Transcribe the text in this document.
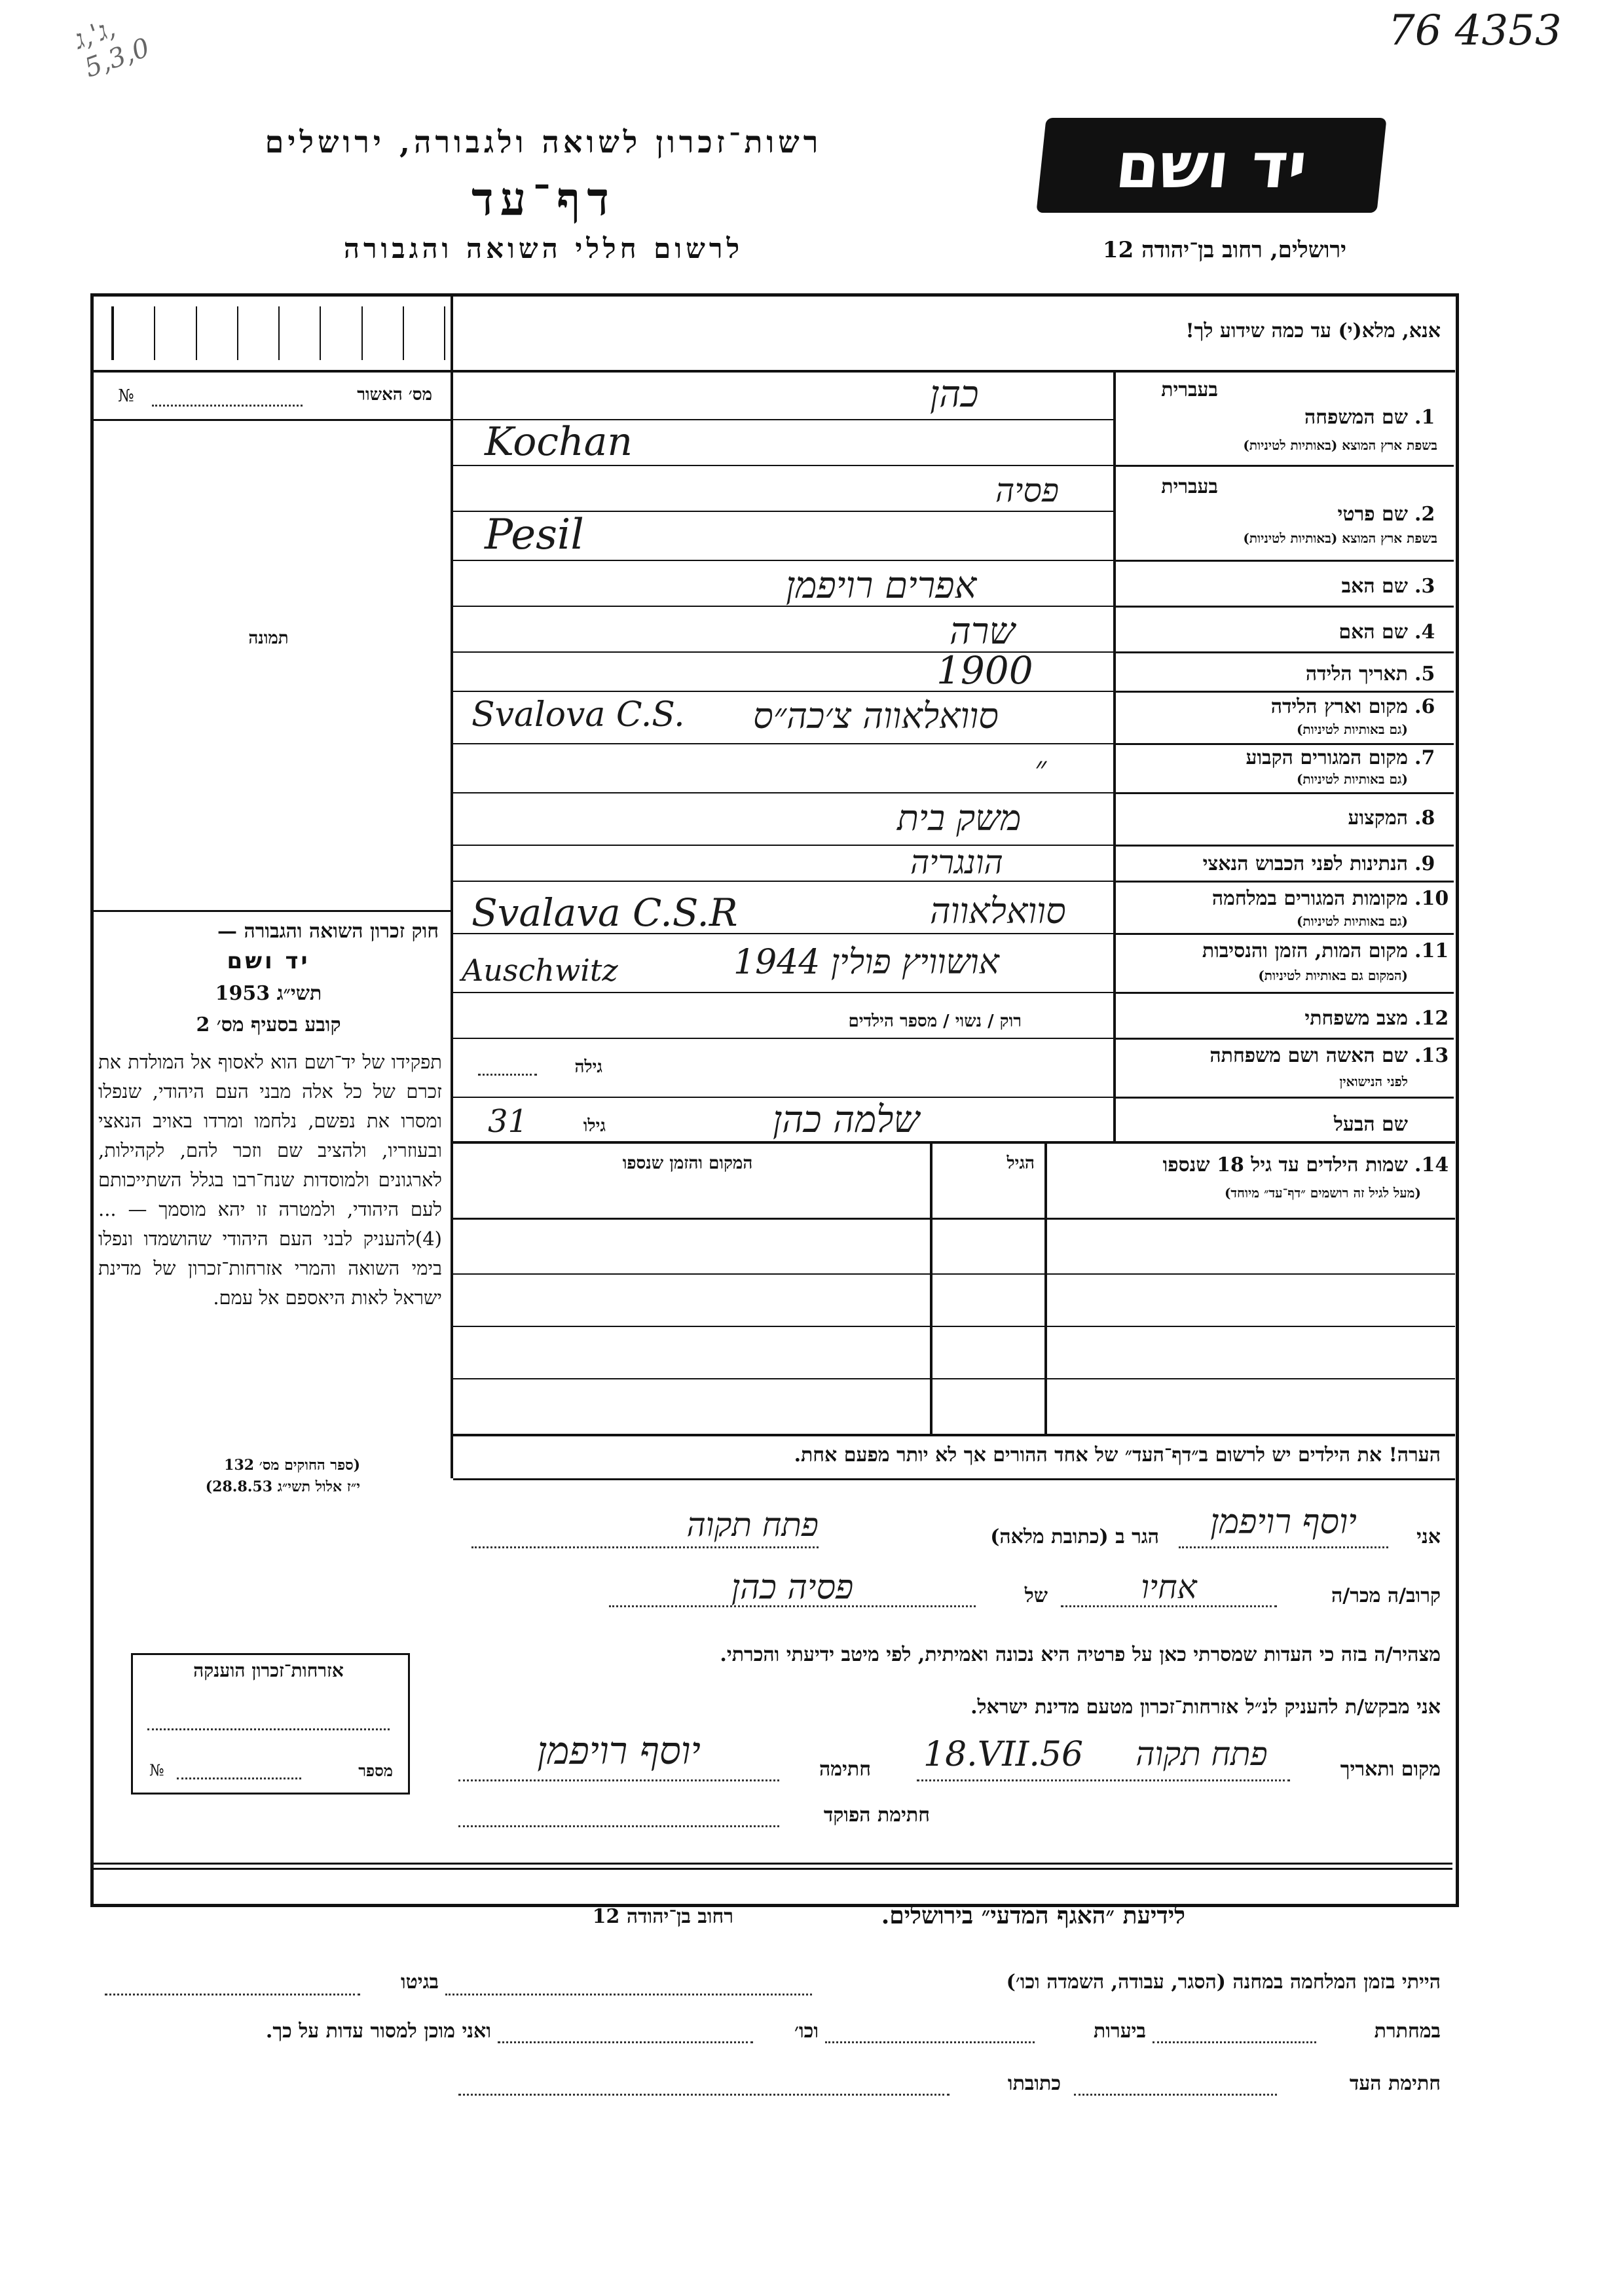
76 4353
ג',ג,
5,3,0
יד ושם
רשות־זכרון לשואה ולגבורה, ירושלים
דף־עד
לרשום חללי השואה והגבורה	ירושלים, רחוב בן־יהודה 12
אנא, מלא(י) עד כמה שידוע לך!
№	מס׳ האשור
תמונה
חוק זכרון השואה והגבורה —
יד ושם
תשי״ג 1953
קובע בסעיף מס׳ 2
תפקידו של יד־ושם הוא לאסוף אל המולדת את זכרם של כל אלה מבני העם היהודי, שנפלו ומסרו את נפשם, נלחמו ומרדו באויב הנאצי ובעוזריו, ולהציב שם וזכר להם, לקהילות, לארגונים ולמוסדות שנח־רבו בגלל השתייכותם לעם היהודי, ולמטרה זו יהא מוסמך — ...(4)להעניק לבני העם היהודי שהושמדו ונפלו בימי השואה והמרי אזרחות־זכרון של מדינת ישראל לאות היאספם אל עמם.
(ספר החוקים מס׳ 132
י״ז אלול תשי״ג 28.8.53)
אזרחות־זכרון הוענקה
מספר
№
בעברית
1.
שם המשפחה
בשפת ארץ המוצא (באותיות לטיניות)
כהן
Kochan
בעברית
2.
שם פרטי
בשפת ארץ המוצא (באותיות לטיניות)
פסיה
Pesil
3.
שם האב
אפרים רויפמן
4.
שם האם
שרה
5.
תאריך הלידה
1900
6.
מקום וארץ הלידה
(גם באותיות לטיניות)
סוואלאווה צ׳כה״ס
Svalova C.S.
7.
מקום המגורים הקבוע
(גם באותיות לטיניות)
״
8.
המקצוע
משק בית
9.
הנתינות לפני הכבוש הנאצי
הונגריה
10.
מקומות המגורים במלחמה
(גם באותיות לטיניות)
סוואלאווה
Svalava C.S.R
11.
מקום המות, הזמן והנסיבות
(המקום גם באותיות לטיניות)
אושוויץ פולין 1944
Auschwitz
12.
מצב משפחתי
רוק / נשוי / מספר הילדים
13.
שם האשה ושם משפחתה
לפני הנישואין
גילה
שם הבעל
שלמה כהן
גילו
31
14.
שמות הילדים עד גיל 18 שנספו
(מעל לגיל זה רושמים ״דף־עד״ מיוחד)
הגיל
המקום והזמן שנספו
הערה! את הילדים יש לרשום ב״דף־העד״ של אחד ההורים אך לא יותר מפעם אחת.
אני
יוסף רויפמן
הגר ב (כתובת מלאה)
פתח תקוה
קרוב/ה מכר/ה
אחיו
של
פסיה כהן
מצהיר/ה בזה כי העדות שמסרתי כאן על פרטיה היא נכונה ואמיתית, לפי מיטב ידיעתי והכרתי.
אני מבקש/ת להעניק לנ״ל אזרחות־זכרון מטעם מדינת ישראל.
מקום ותאריך
פתח תקוה
18.VII.56
חתימה
יוסף רויפמן
חתימת הפוקד
לידיעת ״האגף המדעי״ בירושלים.
רחוב בן־יהודה 12
הייתי בזמן המלחמה במחנה (הסגר, עבודה, השמדה וכו׳)
בגיטו
במחתרת
ביערות
וכו׳
ואני מוכן למסור עדות על כך.
חתימת העד
כתובתו
